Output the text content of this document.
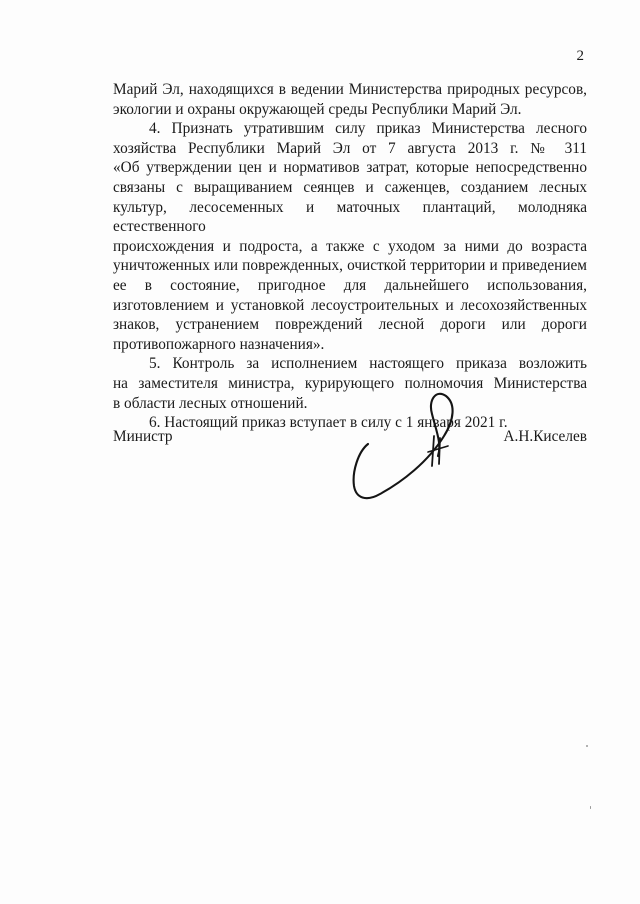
2
Марий Эл, находящихся в ведении Министерства природных ресурсов,
экологии и охраны окружающей среды Республики Марий Эл.
4. Признать утратившим силу приказ Министерства лесного
хозяйства Республики Марий Эл от 7 августа 2013 г. № 311
«Об утверждении цен и нормативов затрат, которые непосредственно
связаны с выращиванием сеянцев и саженцев, созданием лесных
культур, лесосеменных и маточных плантаций, молодняка естественного
происхождения и подроста, а также с уходом за ними до возраста
уничтоженных или поврежденных, очисткой территории и приведением
ее в состояние, пригодное для дальнейшего использования,
изготовлением и установкой лесоустроительных и лесохозяйственных
знаков, устранением повреждений лесной дороги или дороги
противопожарного назначения».
5. Контроль за исполнением настоящего приказа возложить
на заместителя министра, курирующего полномочия Министерства
в области лесных отношений.
6. Настоящий приказ вступает в силу с 1 января 2021 г.
Министр	А.Н.Киселев
